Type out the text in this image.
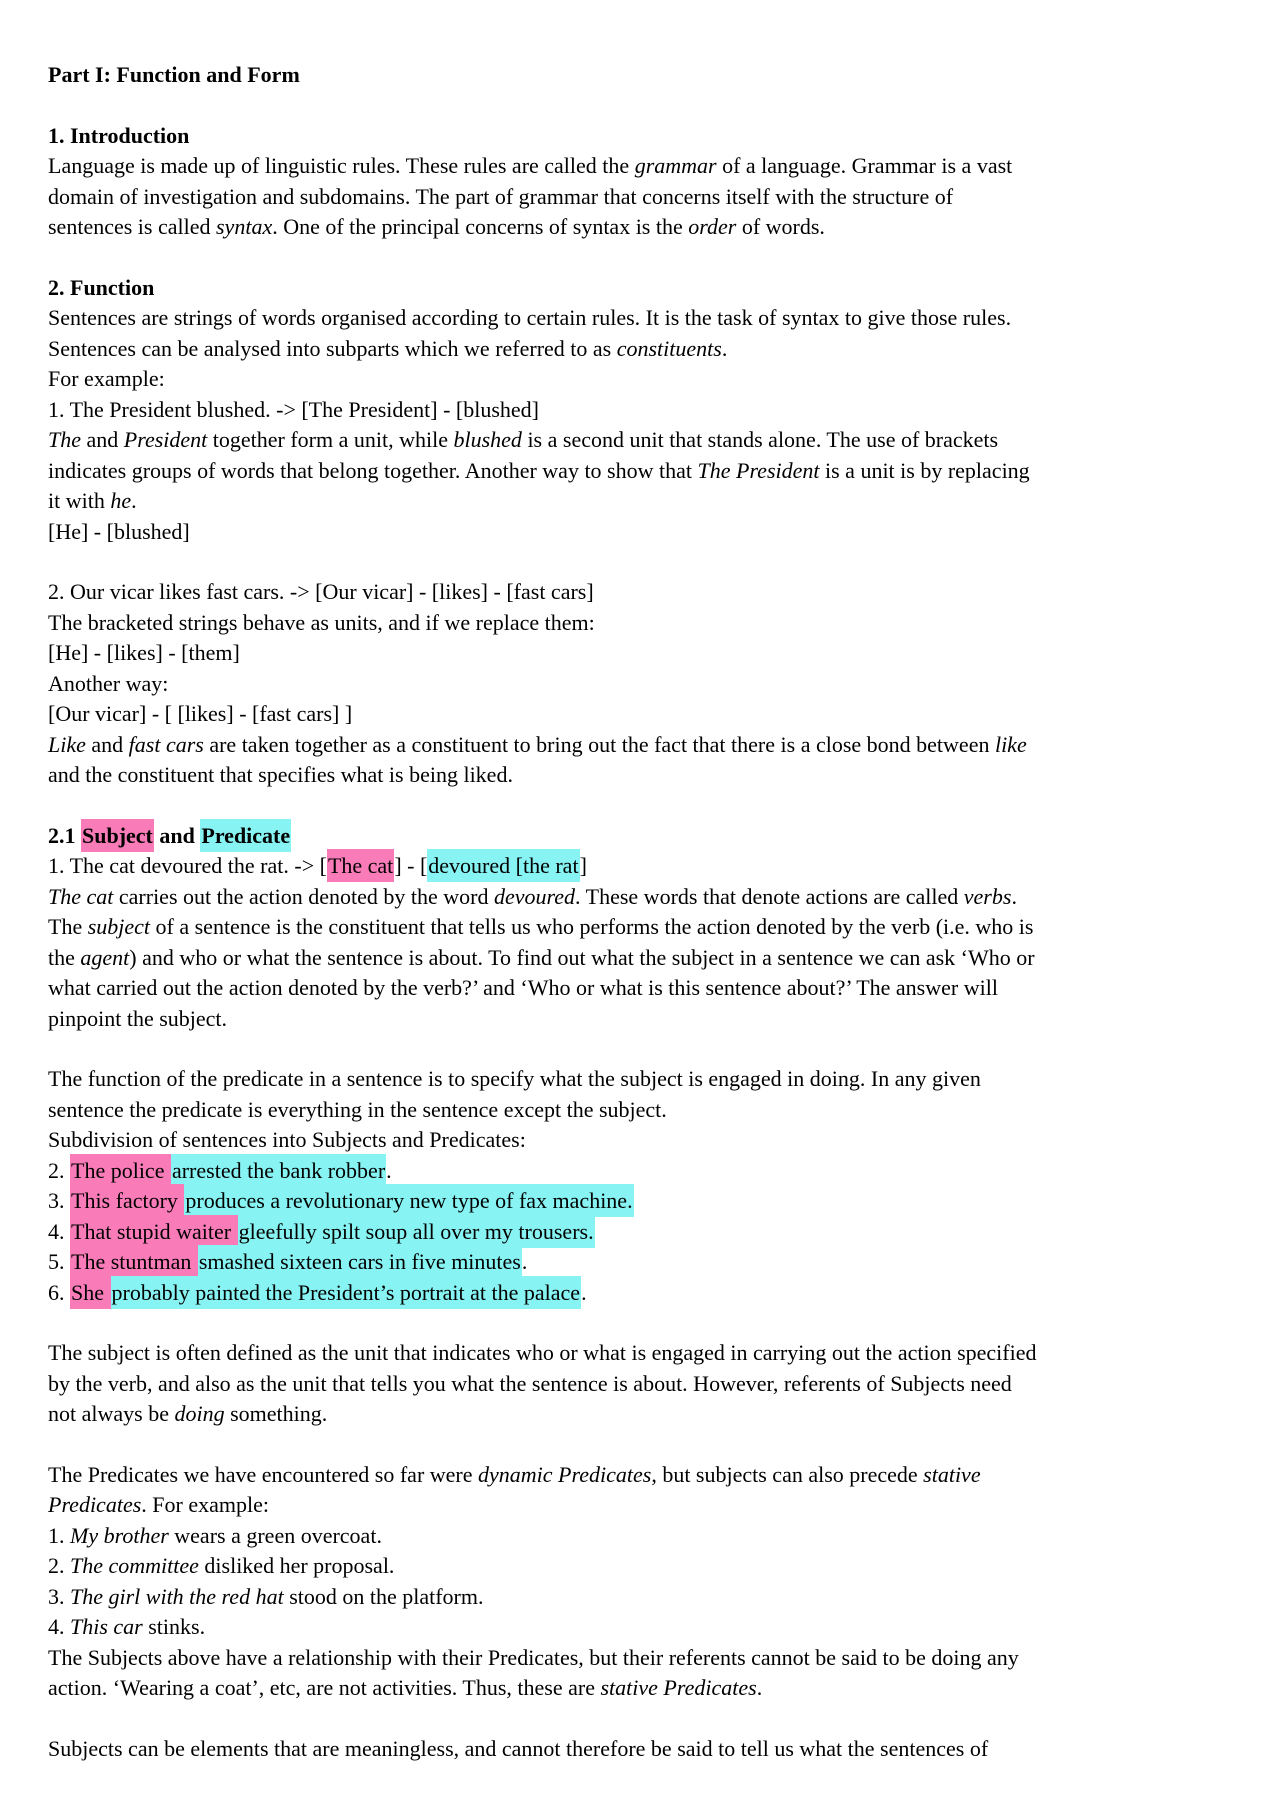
Part I: Function and Form
1. Introduction
Language is made up of linguistic rules. These rules are called the grammar of a language. Grammar is a vast
domain of investigation and subdomains. The part of grammar that concerns itself with the structure of
sentences is called syntax. One of the principal concerns of syntax is the order of words.
2. Function
Sentences are strings of words organised according to certain rules. It is the task of syntax to give those rules.
Sentences can be analysed into subparts which we referred to as constituents.
For example:
1. The President blushed. -> [The President] - [blushed]
The and President together form a unit, while blushed is a second unit that stands alone. The use of brackets
indicates groups of words that belong together. Another way to show that The President is a unit is by replacing
it with he.
[He] - [blushed]
2. Our vicar likes fast cars. -> [Our vicar] - [likes] - [fast cars]
The bracketed strings behave as units, and if we replace them:
[He] - [likes] - [them]
Another way:
[Our vicar] - [ [likes] - [fast cars] ]
Like and fast cars are taken together as a constituent to bring out the fact that there is a close bond between like
and the constituent that specifies what is being liked.
2.1 Subject and Predicate
1. The cat devoured the rat. -> [The cat] - [devoured [the rat]
The cat carries out the action denoted by the word devoured. These words that denote actions are called verbs.
The subject of a sentence is the constituent that tells us who performs the action denoted by the verb (i.e. who is
the agent) and who or what the sentence is about. To find out what the subject in a sentence we can ask ‘Who or
what carried out the action denoted by the verb?’ and ‘Who or what is this sentence about?’ The answer will
pinpoint the subject.
The function of the predicate in a sentence is to specify what the subject is engaged in doing. In any given
sentence the predicate is everything in the sentence except the subject.
Subdivision of sentences into Subjects and Predicates:
2. The police arrested the bank robber.
3. This factory produces a revolutionary new type of fax machine.
4. That stupid waiter gleefully spilt soup all over my trousers.
5. The stuntman smashed sixteen cars in five minutes.
6. She probably painted the President’s portrait at the palace.
The subject is often defined as the unit that indicates who or what is engaged in carrying out the action specified
by the verb, and also as the unit that tells you what the sentence is about. However, referents of Subjects need
not always be doing something.
The Predicates we have encountered so far were dynamic Predicates, but subjects can also precede stative
Predicates. For example:
1. My brother wears a green overcoat.
2. The committee disliked her proposal.
3. The girl with the red hat stood on the platform.
4. This car stinks.
The Subjects above have a relationship with their Predicates, but their referents cannot be said to be doing any
action. ‘Wearing a coat’, etc, are not activities. Thus, these are stative Predicates.
Subjects can be elements that are meaningless, and cannot therefore be said to tell us what the sentences of
